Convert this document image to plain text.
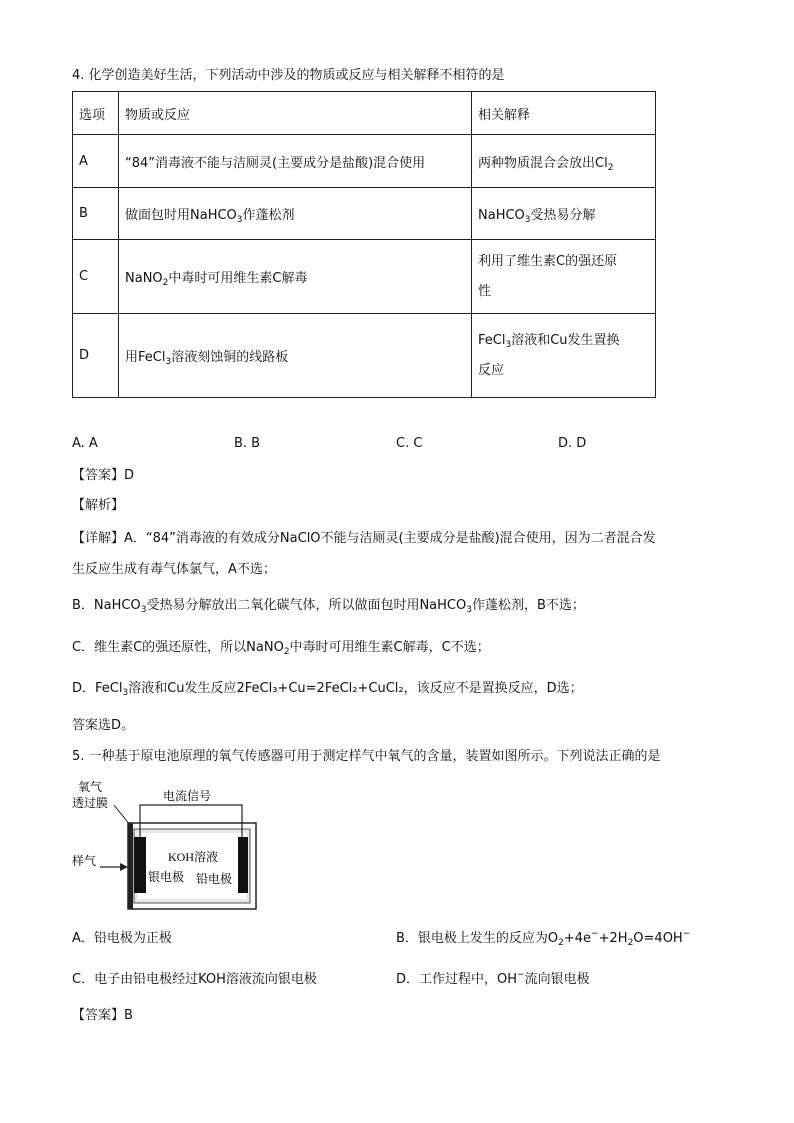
4. 化学创造美好生活，下列活动中涉及的物质或反应与相关解释不相符的是
选项	物质或反应	相关解释
A	“84”消毒液不能与洁厕灵(主要成分是盐酸)混合使用	两种物质混合会放出$Cl_2$
B	做面包时用NaHCO$_3$作蓬松剂	NaHCO$_3$受热易分解
C	NaNO$_2$中毒时可用维生素C解毒	利用了维生素C的强还原
性

D	用FeCl$_3$溶液刻蚀铜的线路板	FeCl$_3$溶液和Cu发生置换
反应
A. A	B. B	C. C	D. D
【答案】D
【解析】
【详解】A．“84”消毒液的有效成分NaClO不能与洁厕灵(主要成分是盐酸)混合使用，因为二者混合发
生反应生成有毒气体氯气，A不选；
B．NaHCO$_3$受热易分解放出二氧化碳气体，所以做面包时用NaHCO$_3$作蓬松剂，B不选；
C．维生素C的强还原性，所以NaNO$_2$中毒时可用维生素C解毒，C不选；
D．FeCl$_3$溶液和Cu发生反应2FeCl₃+Cu=2FeCl₂+CuCl₂，该反应不是置换反应，D选；
答案选D。
5. 一种基于原电池原理的氧气传感器可用于测定样气中氧气的含量，装置如图所示。下列说法正确的是
氧气
透过膜	电流信号
样气	KOH溶液
银电极 铅电极
A．铅电极为正极	B．银电极上发生的反应为$O_2+4e^-+2H_2O=4OH^-$
C．电子由铅电极经过KOH溶液流向银电极	D．工作过程中，OH−流向银电极
【答案】B
